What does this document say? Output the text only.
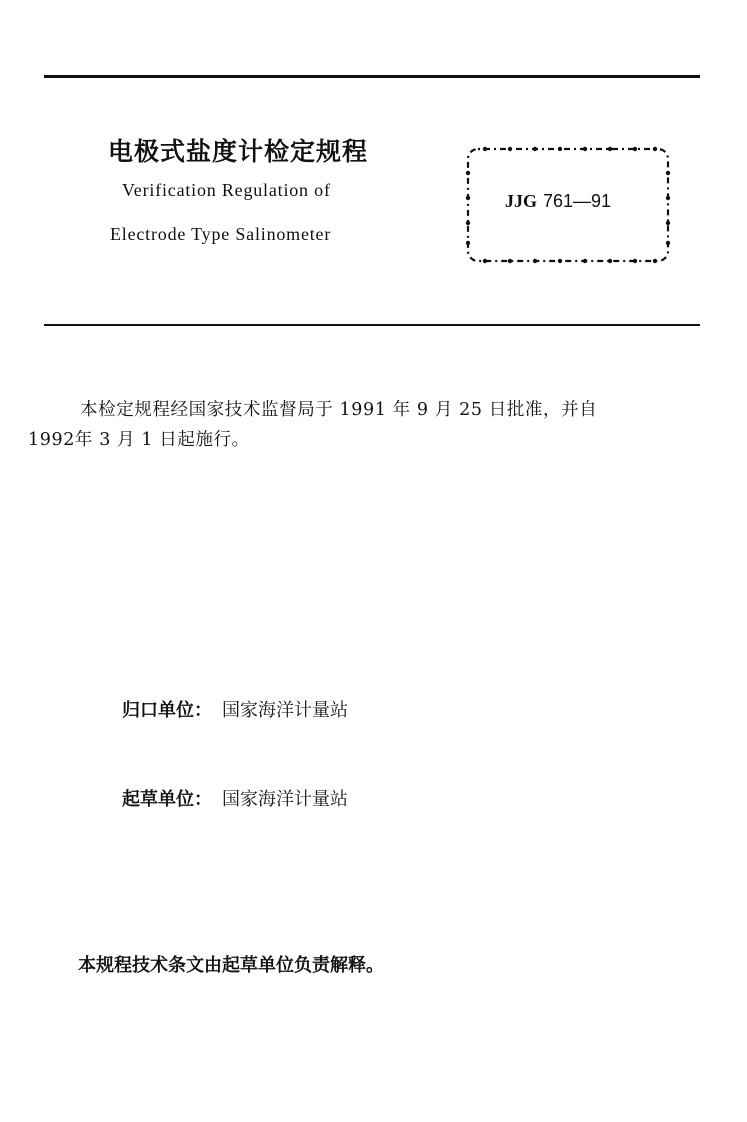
电极式盐度计检定规程
Verification Regulation of
Electrode Type Salinometer
JJG 761—91
本检定规程经国家技术监督局于 1991 年 9 月 25 日批准，并自
1992年 3 月 1 日起施行。
归口单位： 国家海洋计量站
起草单位： 国家海洋计量站
本规程技术条文由起草单位负责解释。
